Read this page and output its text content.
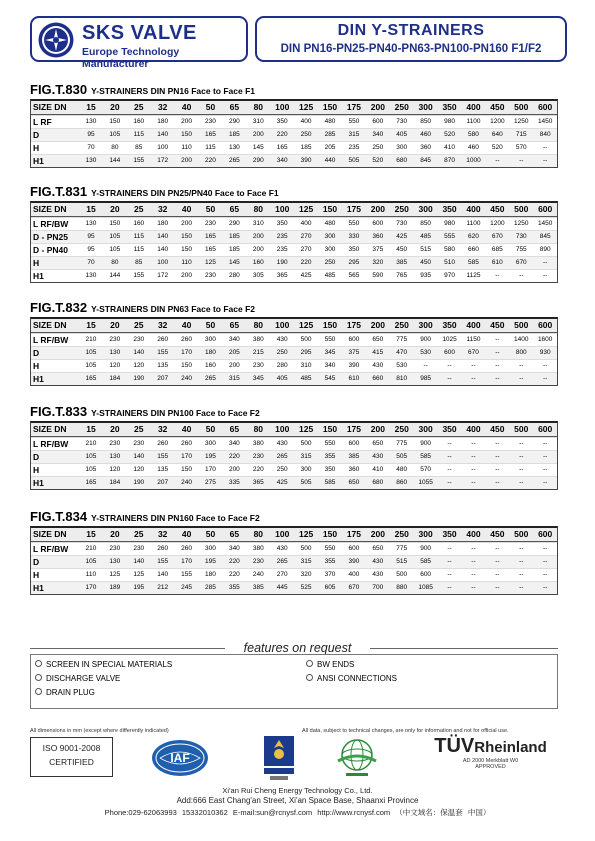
SKS VALVE
Europe Technology Manufacturer
DIN Y-STRAINERS
DIN PN16-PN25-PN40-PN63-PN100-PN160 F1/F2
FIG.T.830 Y-STRAINERS DIN PN16 Face to Face F1
SIZE DN	15	20	25	32	40	50	65	80	100	125	150	175	200	250	300	350	400	450	500	600
L RF	130	150	160	180	200	230	290	310	350	400	480	550	600	730	850	980	1100	1200	1250	1450
D	95	105	115	140	150	165	185	200	220	250	285	315	340	405	460	520	580	640	715	840
H	70	80	85	100	110	115	130	145	165	185	205	235	250	300	360	410	460	520	570	--
H1	130	144	155	172	200	220	265	290	340	390	440	505	520	680	845	870	1000	--	--	--
FIG.T.831 Y-STRAINERS DIN PN25/PN40 Face to Face F1
SIZE DN	15	20	25	32	40	50	65	80	100	125	150	175	200	250	300	350	400	450	500	600
L RF/BW	130	150	160	180	200	230	290	310	350	400	480	550	600	730	850	980	1100	1200	1250	1450
D - PN25	95	105	115	140	150	165	185	200	235	270	300	330	360	425	485	555	620	670	730	845
D - PN40	95	105	115	140	150	165	185	200	235	270	300	350	375	450	515	580	660	685	755	890
H	70	80	85	100	110	125	145	160	190	220	250	295	320	385	450	510	585	610	670	--
H1	130	144	155	172	200	230	280	305	365	425	485	565	590	765	935	970	1125	--	--	--
FIG.T.832 Y-STRAINERS DIN PN63 Face to Face F2
SIZE DN	15	20	25	32	40	50	65	80	100	125	150	175	200	250	300	350	400	450	500	600
L RF/BW	210	230	230	260	260	300	340	380	430	500	550	600	650	775	900	1025	1150	--	1400	1600
D	105	130	140	155	170	180	205	215	250	295	345	375	415	470	530	600	670	--	800	930
H	105	120	120	135	150	160	200	230	280	310	340	390	430	530	--	--	--	--	--	--
H1	165	184	190	207	240	265	315	345	405	485	545	610	660	810	985	--	--	--	--	--
FIG.T.833 Y-STRAINERS DIN PN100 Face to Face F2
SIZE DN	15	20	25	32	40	50	65	80	100	125	150	175	200	250	300	350	400	450	500	600
L RF/BW	210	230	230	260	260	300	340	380	430	500	550	600	650	775	900	--	--	--	--	--
D	105	130	140	155	170	195	220	230	265	315	355	385	430	505	585	--	--	--	--	--
H	105	120	120	135	150	170	200	220	250	300	350	360	410	480	570	--	--	--	--	--
H1	165	184	190	207	240	275	335	365	425	505	585	650	680	860	1055	--	--	--	--	--
FIG.T.834 Y-STRAINERS DIN PN160 Face to Face F2
SIZE DN	15	20	25	32	40	50	65	80	100	125	150	175	200	250	300	350	400	450	500	600
L RF/BW	210	230	230	260	260	300	340	380	430	500	550	600	650	775	900	--	--	--	--	--
D	105	130	140	155	170	195	220	230	265	315	355	390	430	515	585	--	--	--	--	--
H	110	125	125	140	155	180	220	240	270	320	370	400	430	500	600	--	--	--	--	--
H1	170	189	195	212	245	285	355	385	445	525	605	670	700	880	1085	--	--	--	--	--
features on request
SCREEN IN SPECIAL MATERIALS
DISCHARGE VALVE
DRAIN PLUG
BW ENDS
ANSI CONNECTIONS
All dimensions in mm (except where differently indicated)	All data, subject to technical changes, are only for information and not for official use.
ISO 9001-2008
CERTIFIED	IAF
TÜVRheinland
AD 2000 Merkblatt W0
APPROVED
Xi'an Rui Cheng Energy Technology Co., Ltd.
Add:666 East Chang'an Street, Xi'an Space Base, Shaanxi Province
Phone:029-62063993 15332010362 E-mail:sun@rcnysf.com http://www.rcnysf.com （中文域名：保温套 中国）
